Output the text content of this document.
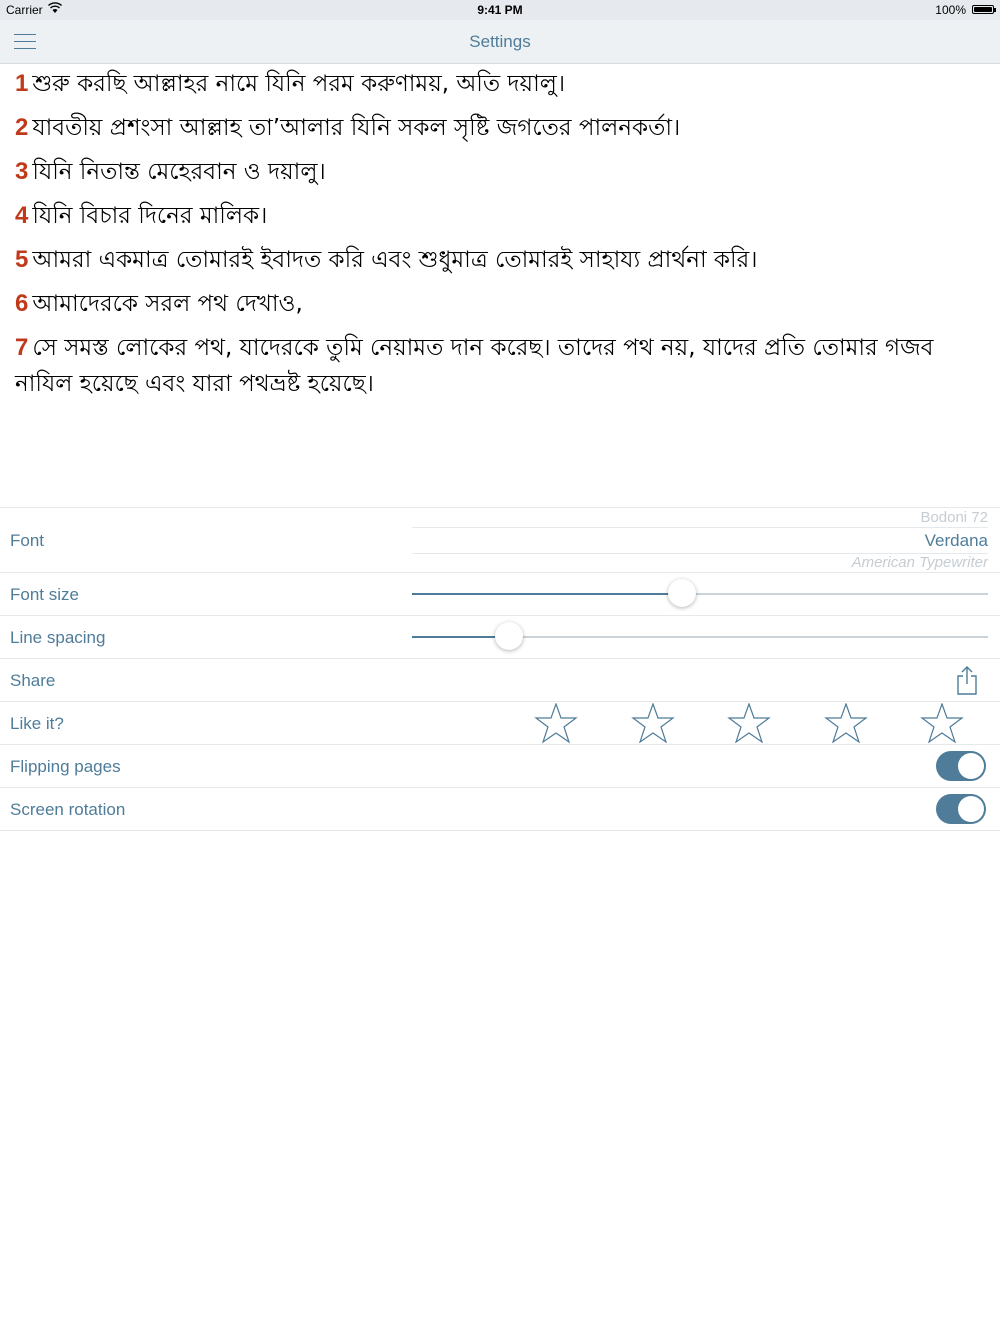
Carrier	9:41 PM	100%
Settings
1 শুরু করছি আল্লাহর নামে যিনি পরম করুণাময়, অতি দয়ালু।
2 যাবতীয় প্রশংসা আল্লাহ তা’আলার যিনি সকল সৃষ্টি জগতের পালনকর্তা।
3 যিনি নিতান্ত মেহেরবান ও দয়ালু।
4 যিনি বিচার দিনের মালিক।
5 আমরা একমাত্র তোমারই ইবাদত করি এবং শুধুমাত্র তোমারই সাহায্য প্রার্থনা করি।
6 আমাদেরকে সরল পথ দেখাও,
7 সে সমস্ত লোকের পথ, যাদেরকে তুমি নেয়ামত দান করেছ। তাদের পথ নয়, যাদের প্রতি তোমার গজব নাযিল হয়েছে এবং যারা পথভ্রষ্ট হয়েছে।
Font
Bodoni 72
Verdana
American Typewriter
Font size
Line spacing
Share
Like it?
Flipping pages
Screen rotation
